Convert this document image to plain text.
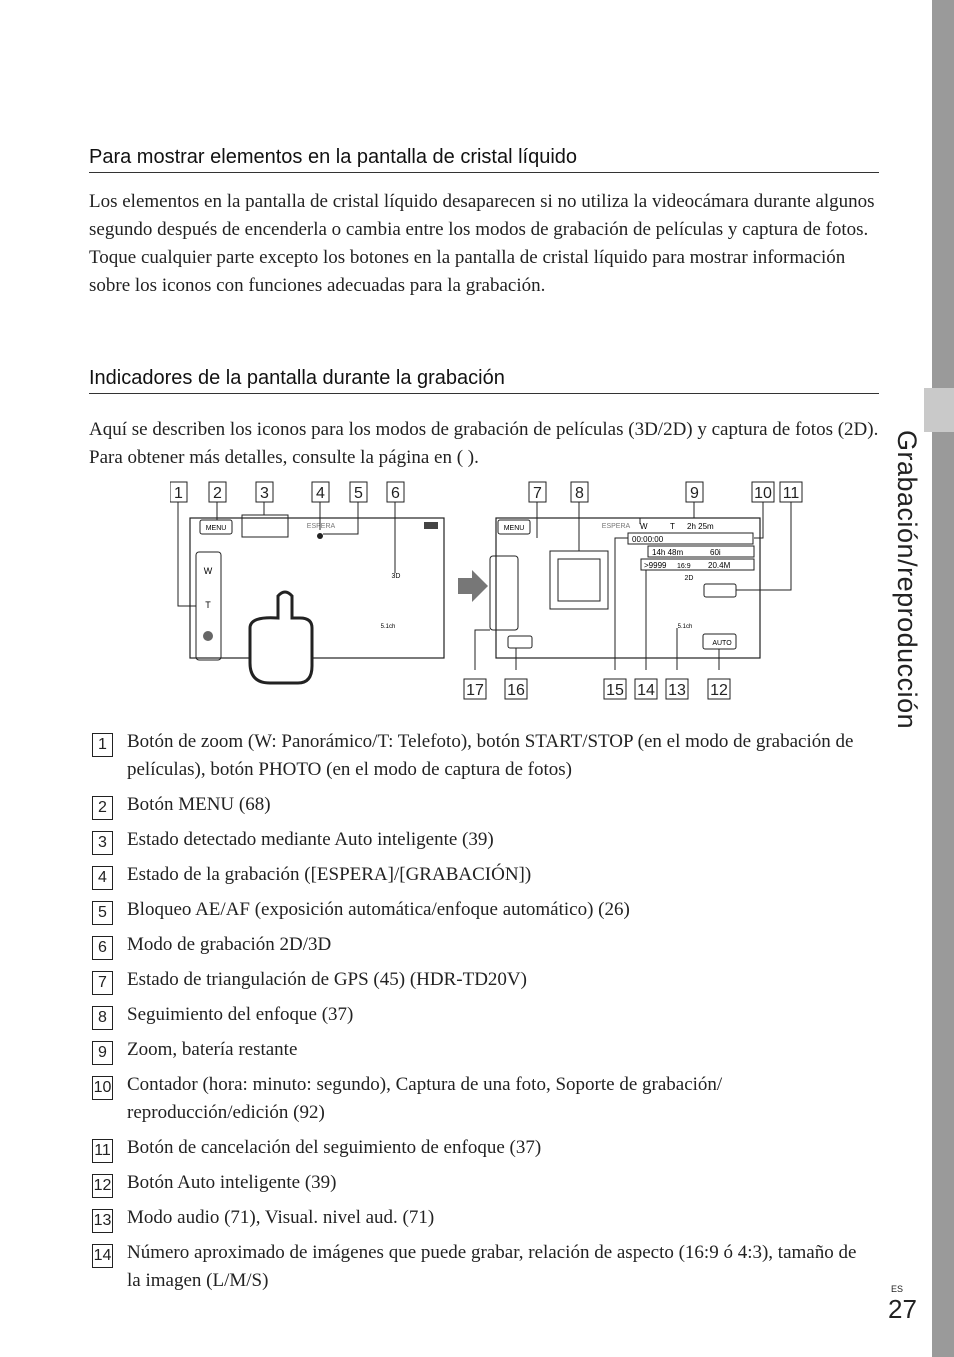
Grabación/reproducción
Para mostrar elementos en la pantalla de cristal líquido

Los elementos en la pantalla de cristal líquido desaparecen si no utiliza la videocámara durante algunos segundo después de encenderla o cambia entre los modos de grabación de películas y captura de fotos.

Toque cualquier parte excepto los botones en la pantalla de cristal líquido para mostrar información sobre los iconos con funciones adecuadas para la grabación.

Indicadores de la pantalla durante la grabación

Aquí se describen los iconos para los modos de grabación de películas (3D/2D) y captura de fotos (2D). Para obtener más detalles, consulte la página en ( ).

1 2 3	4 5 6	7 8	9	10 11
MENU	ESPERA
3D
5.1ch
W
T
MENU	ESPERA W	T 2h 25m
00:00:00
14h 48m	60i
>9999 16:9 20.4M
2D
5.1ch
AUTO
17 16	15 14 13 12
1	Botón de zoom (W: Panorámico/T: Telefoto), botón START/STOP (en el modo de grabación de películas), botón PHOTO (en el modo de captura de fotos)
2	Botón MENU (68)
3	Estado detectado mediante Auto inteligente (39)
4	Estado de la grabación ([ESPERA]/[GRABACIÓN])
5	Bloqueo AE/AF (exposición automática/enfoque automático) (26)
6	Modo de grabación 2D/3D
7	Estado de triangulación de GPS (45) (HDR-TD20V)
8	Seguimiento del enfoque (37)
9	Zoom, batería restante
10 Contador (hora: minuto: segundo), Captura de una foto, Soporte de grabación/ reproducción/edición (92)
11 Botón de cancelación del seguimiento de enfoque (37)
12 Botón Auto inteligente (39)
13 Modo audio (71), Visual. nivel aud. (71)
14 Número aproximado de imágenes que puede grabar, relación de aspecto (16:9 ó 4:3), tamaño de la imagen (L/M/S)	ES
27
